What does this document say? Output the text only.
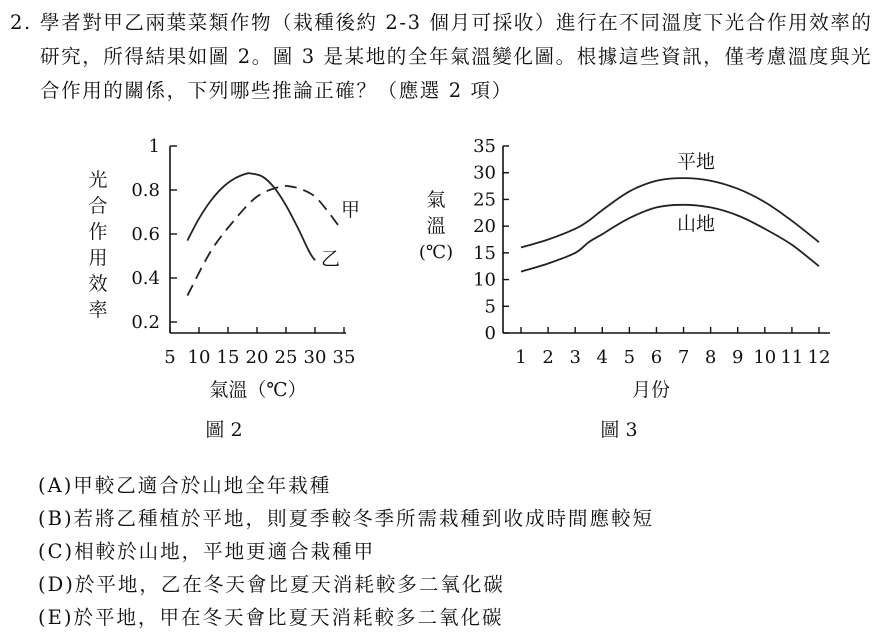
2. 學者對甲乙兩葉菜類作物（栽種後約 2-3 個月可採收）進行在不同溫度下光合作用效率的研究，所得結果如圖 2。圖 3 是某地的全年氣溫變化圖。根據這些資訊，僅考慮溫度與光合作用的關係，下列哪些推論正確？（應選 2 項）
光
合
作
用
效
率
0.2
0.4
0.6
0.8
1
5 10 15 20 25 30 35
甲
乙
氣溫（℃）
圖 2
氣
溫
(℃)
0
5
10
15
20
25
30
35
1 2 3 4 5 6 7 8 9 10 11 12
平地
山地
月份
圖 3
(A)甲較乙適合於山地全年栽種
(B)若將乙種植於平地，則夏季較冬季所需栽種到收成時間應較短
(C)相較於山地，平地更適合栽種甲
(D)於平地，乙在冬天會比夏天消耗較多二氧化碳
(E)於平地，甲在冬天會比夏天消耗較多二氧化碳
